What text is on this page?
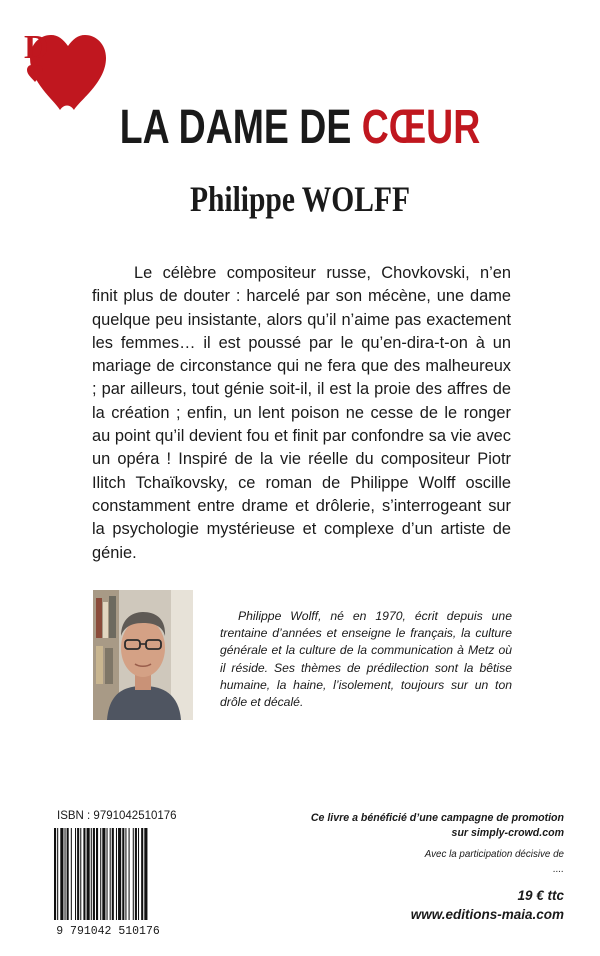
D
LA DAME DE CŒUR
Philippe WOLFF

Le célèbre compositeur russe, Chovkovski, n’en finit plus de douter : harcelé par son mécène, une dame quelque peu insistante, alors qu’il n’aime pas exactement les femmes… il est poussé par le qu’en-dira-t-on à un mariage de circonstance qui ne fera que des malheureux ; par ailleurs, tout génie soit-il, il est la proie des affres de la création ; enfin, un lent poison ne cesse de le ronger au point qu’il devient fou et finit par confondre sa vie avec un opéra ! Inspiré de la vie réelle du compositeur Piotr Ilitch Tchaïkovsky, ce roman de Philippe Wolff oscille constamment entre drame et drôlerie, s’interrogeant sur la psychologie mystérieuse et complexe d’un artiste de génie.

Philippe Wolff, né en 1970, écrit depuis une trentaine d’années et enseigne le français, la culture générale et la culture de la communication à Metz où il réside. Ses thèmes de prédilection sont la bêtise humaine, la haine, l’isolement, toujours sur un ton drôle et décalé.

ISBN : 9791042510176
9 791042 510176
Ce livre a bénéficié d’une campagne de promotion
sur simply-crowd.com
Avec la participation décisive de
....
19 € ttc
www.editions-maia.com
